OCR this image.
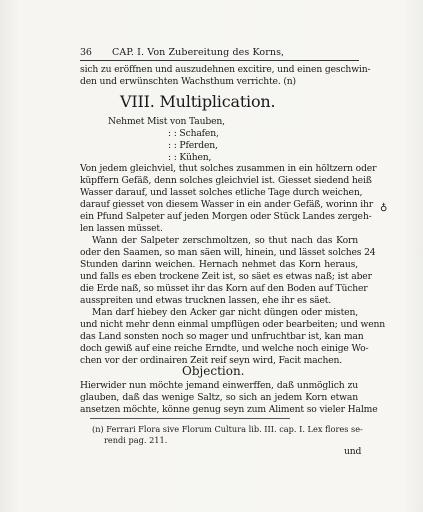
36 CAP. I. Von Zubereitung des Korns,
sich zu eröffnen und auszudehnen excitire, und einen geschwin-
den und erwünschten Wachsthum verrichte. (n)
VIII. Multiplication.
Nehmet Mist von Tauben,
: : Schafen,
: : Pferden,
: : Kühen,
Von jedem gleichviel, thut solches zusammen in ein höltzern oder
küpffern Gefäß, denn solches gleichviel ist. Giesset siedend heiß
Wasser darauf, und lasset solches etliche Tage durch weichen,
darauf giesset von diesem Wasser in ein ander Gefäß, worinn ihr
ein Pfund Salpeter auf jeden Morgen oder Stück Landes zergeh-
len lassen müsset.
Wann der Salpeter zerschmoltzen, so thut nach das Korn
oder den Saamen, so man säen will, hinein, und lässet solches 24
Stunden darinn weichen. Hernach nehmet das Korn heraus,
und falls es eben trockene Zeit ist, so säet es etwas naß; ist aber
die Erde naß, so müsset ihr das Korn auf den Boden auf Tücher
ausspreiten und etwas trucknen lassen, ehe ihr es säet.
Man darf hiebey den Acker gar nicht düngen oder misten,
und nicht mehr denn einmal umpflügen oder bearbeiten; und wenn
das Land sonsten noch so mager und unfruchtbar ist, kan man
doch gewiß auf eine reiche Erndte, und welche noch einige Wo-
chen vor der ordinairen Zeit reif seyn wird, Facit machen.
Objection.
Hierwider nun möchte jemand einwerffen, daß unmöglich zu
glauben, daß das wenige Saltz, so sich an jedem Korn etwan
ansetzen möchte, könne genug seyn zum Aliment so vieler Halme
(n) Ferrari Flora sive Florum Cultura lib. III. cap. I. Lex flores se-
rendi pag. 211.
und
♁
